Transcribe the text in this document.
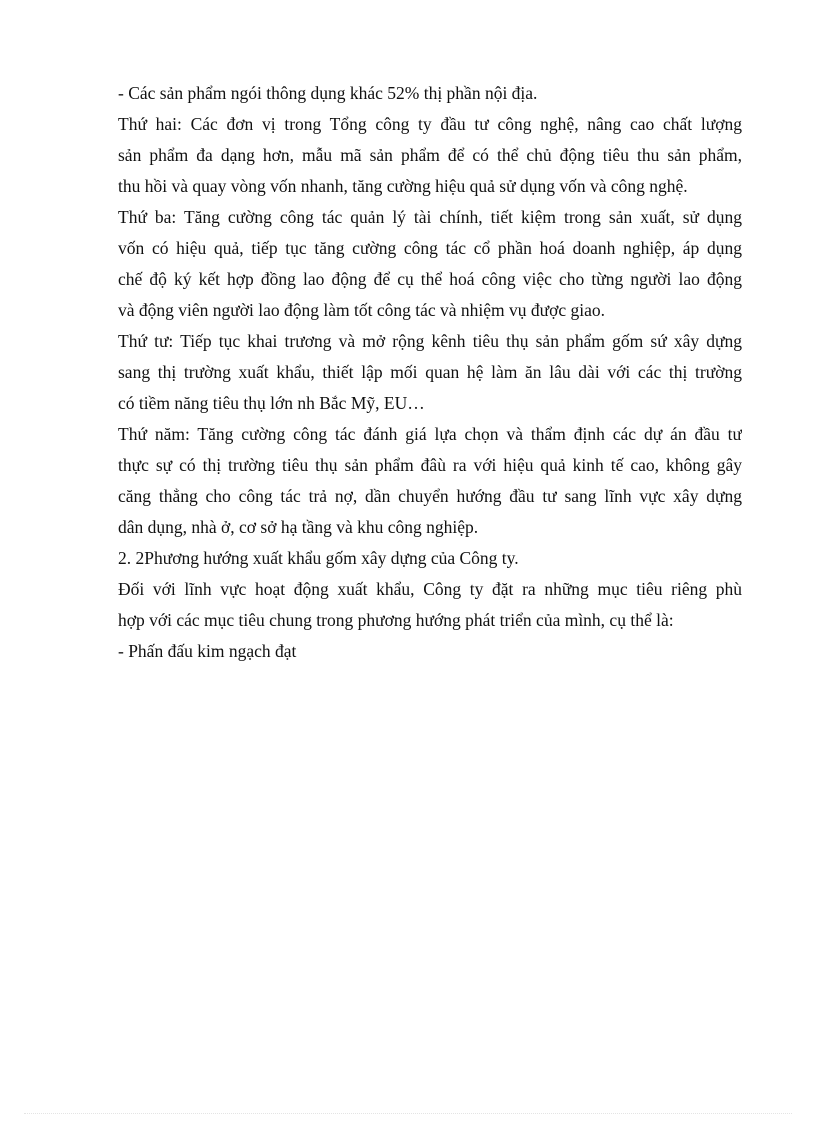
- Các sản phẩm ngói thông dụng khác 52% thị phần nội địa.
Thứ hai: Các đơn vị trong Tổng công ty đầu tư công nghệ, nâng cao chất lượng
sản phẩm đa dạng hơn, mẫu mã sản phẩm để có thể chủ động tiêu thu sản phẩm,
thu hồi và quay vòng vốn nhanh, tăng cường hiệu quả sử dụng vốn và công nghệ.
Thứ ba: Tăng cường công tác quản lý tài chính, tiết kiệm trong sản xuất, sử dụng
vốn có hiệu quả, tiếp tục tăng cường công tác cổ phần hoá doanh nghiệp, áp dụng
chế độ ký kết hợp đồng lao động để cụ thể hoá công việc cho từng người lao động
và động viên người lao động làm tốt công tác và nhiệm vụ được giao.
Thứ tư: Tiếp tục khai trương và mở rộng kênh tiêu thụ sản phẩm gốm sứ xây dựng
sang thị trường xuất khẩu, thiết lập mối quan hệ làm ăn lâu dài với các thị trường
có tiềm năng tiêu thụ lớn nh Bắc Mỹ, EU…
Thứ năm: Tăng cường công tác đánh giá lựa chọn và thẩm định các dự án đầu tư
thực sự có thị trường tiêu thụ sản phẩm đâù ra với hiệu quả kinh tế cao, không gây
căng thẳng cho công tác trả nợ, dần chuyển hướng đầu tư sang lĩnh vực xây dựng
dân dụng, nhà ở, cơ sở hạ tầng và khu công nghiệp.
2. 2Phương hướng xuất khẩu gốm xây dựng của Công ty.
Đối với lĩnh vực hoạt động xuất khẩu, Công ty đặt ra những mục tiêu riêng phù
hợp với các mục tiêu chung trong phương hướng phát triển của mình, cụ thể là:
- Phấn đấu kim ngạch đạt
